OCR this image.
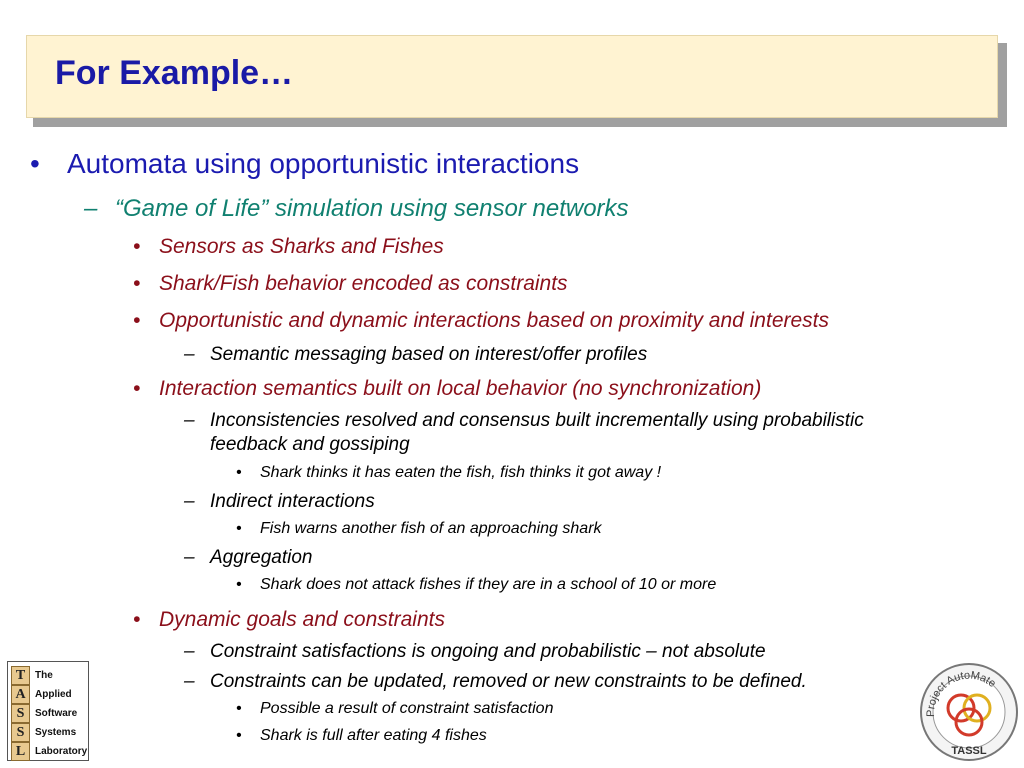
For Example…
• Automata using opportunistic interactions
– “Game of Life” simulation using sensor networks
• Sensors as Sharks and Fishes
• Shark/Fish behavior encoded as constraints
• Opportunistic and dynamic interactions based on proximity and interests
– Semantic messaging based on interest/offer profiles
• Interaction semantics built on local behavior (no synchronization)
– Inconsistencies resolved and consensus built incrementally using probabilistic
feedback and gossiping
• Shark thinks it has eaten the fish, fish thinks it got away !
– Indirect interactions
• Fish warns another fish of an approaching shark
– Aggregation
• Shark does not attack fishes if they are in a school of 10 or more
• Dynamic goals and constraints
– Constraint satisfactions is ongoing and probabilistic – not absolute
– Constraints can be updated, removed or new constraints to be defined.
• Possible a result of constraint satisfaction
• Shark is full after eating 4 fishes
T
A
S
S
L
The
Applied
Software
Systems
Laboratory
Project AutoMate
TASSL
